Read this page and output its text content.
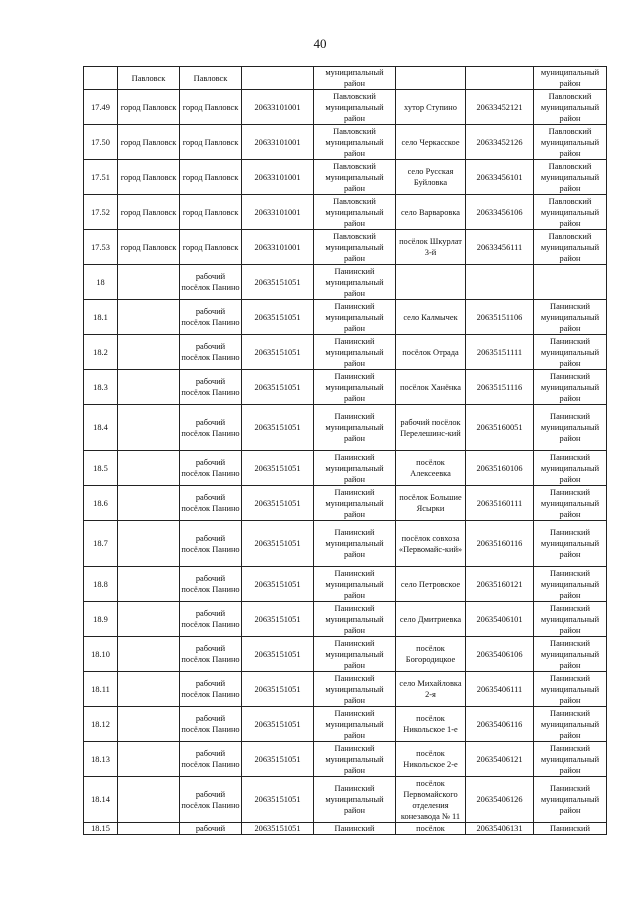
40
	Павловск	Павловск		муниципальный район			муниципальный район
17.49	город Павловск	город Павловск	20633101001	Павловский муниципальный район	хутор Ступино	20633452121	Павловский муниципальный район
17.50	город Павловск	город Павловск	20633101001	Павловский муниципальный район	село Черкасское	20633452126	Павловский муниципальный район
17.51	город Павловск	город Павловск	20633101001	Павловский муниципальный район	село Русская Буйловка	20633456101	Павловский муниципальный район
17.52	город Павловск	город Павловск	20633101001	Павловский муниципальный район	село Варваровка	20633456106	Павловский муниципальный район
17.53	город Павловск	город Павловск	20633101001	Павловский муниципальный район	посёлок Шкурлат 3-й	20633456111	Павловский муниципальный район
18		рабочий посёлок Панино	20635151051	Панинский муниципальный район			
18.1		рабочий посёлок Панино	20635151051	Панинский муниципальный район	село Калмычек	20635151106	Панинский муниципальный район
18.2		рабочий посёлок Панино	20635151051	Панинский муниципальный район	посёлок Отрада	20635151111	Панинский муниципальный район
18.3		рабочий посёлок Панино	20635151051	Панинский муниципальный район	посёлок Ханёнка	20635151116	Панинский муниципальный район
18.4		рабочий посёлок Панино	20635151051	Панинский муниципальный район	рабочий посёлок Перелешинс-кий	20635160051	Панинский муниципальный район
18.5		рабочий посёлок Панино	20635151051	Панинский муниципальный район	посёлок Алексеевка	20635160106	Панинский муниципальный район
18.6		рабочий посёлок Панино	20635151051	Панинский муниципальный район	посёлок Большие Ясырки	20635160111	Панинский муниципальный район
18.7		рабочий посёлок Панино	20635151051	Панинский муниципальный район	посёлок совхоза «Первомайс-кий»	20635160116	Панинский муниципальный район
18.8		рабочий посёлок Панино	20635151051	Панинский муниципальный район	село Петровское	20635160121	Панинский муниципальный район
18.9		рабочий посёлок Панино	20635151051	Панинский муниципальный район	село Дмитриевка	20635406101	Панинский муниципальный район
18.10		рабочий посёлок Панино	20635151051	Панинский муниципальный район	посёлок Богородицкое	20635406106	Панинский муниципальный район
18.11		рабочий посёлок Панино	20635151051	Панинский муниципальный район	село Михайловка 2-я	20635406111	Панинский муниципальный район
18.12		рабочий посёлок Панино	20635151051	Панинский муниципальный район	посёлок Никольское 1-е	20635406116	Панинский муниципальный район
18.13		рабочий посёлок Панино	20635151051	Панинский муниципальный район	посёлок Никольское 2-е	20635406121	Панинский муниципальный район
18.14		рабочий посёлок Панино	20635151051	Панинский муниципальный район	посёлок Первомайского отделения конезавода № 11	20635406126	Панинский муниципальный район
18.15		рабочий	20635151051	Панинский	посёлок	20635406131	Панинский
